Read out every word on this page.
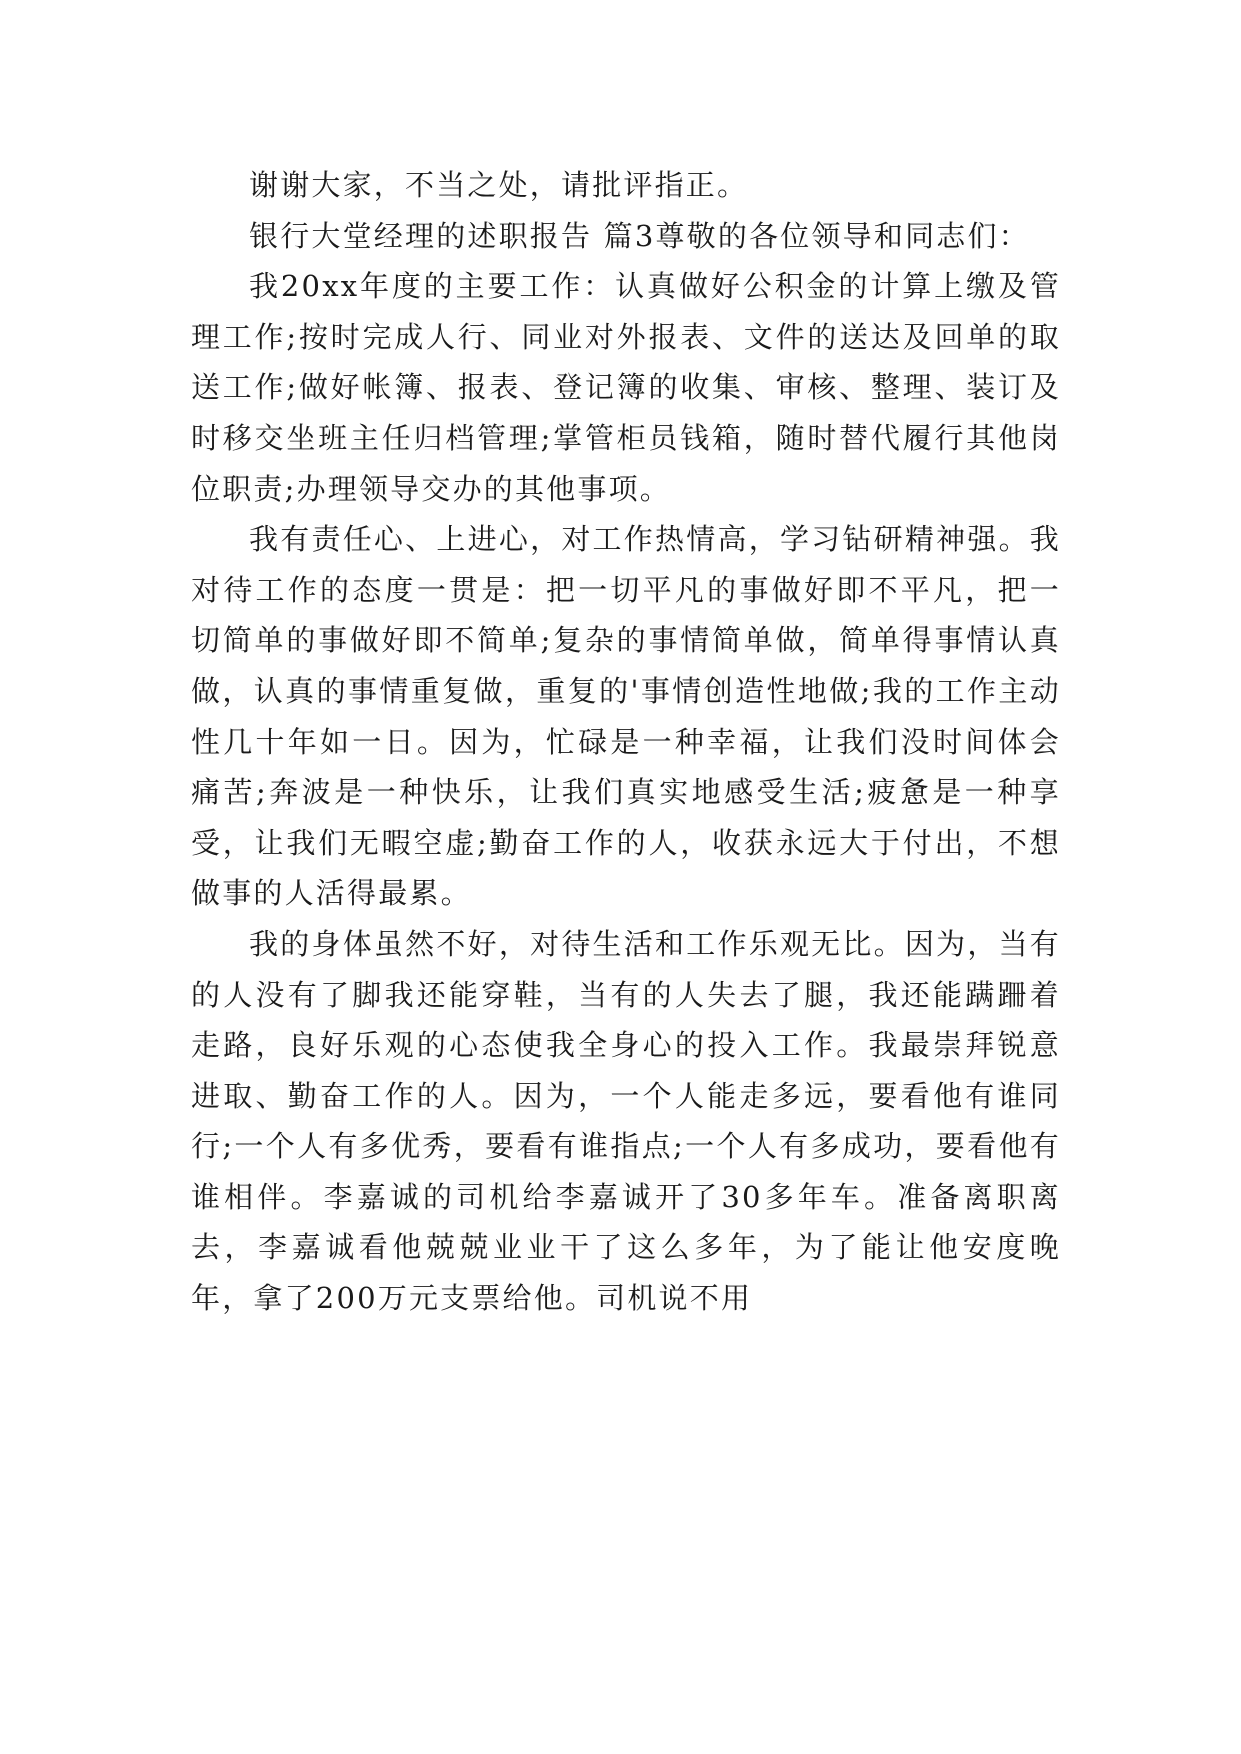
谢谢大家，不当之处，请批评指正。

银行大堂经理的述职报告 篇3尊敬的各位领导和同志们：

我20xx年度的主要工作：认真做好公积金的计算上缴及管理工作;按时完成人行、同业对外报表、文件的送达及回单的取送工作;做好帐簿、报表、登记簿的收集、审核、整理、装订及时移交坐班主任归档管理;掌管柜员钱箱，随时替代履行其他岗位职责;办理领导交办的其他事项。

我有责任心、上进心，对工作热情高，学习钻研精神强。我对待工作的态度一贯是：把一切平凡的事做好即不平凡，把一切简单的事做好即不简单;复杂的事情简单做，简单得事情认真做，认真的事情重复做，重复的'事情创造性地做;我的工作主动性几十年如一日。因为，忙碌是一种幸福，让我们没时间体会痛苦;奔波是一种快乐，让我们真实地感受生活;疲惫是一种享受，让我们无暇空虚;勤奋工作的人，收获永远大于付出，不想做事的人活得最累。

我的身体虽然不好，对待生活和工作乐观无比。因为，当有的人没有了脚我还能穿鞋，当有的人失去了腿，我还能蹒跚着走路，良好乐观的心态使我全身心的投入工作。我最崇拜锐意进取、勤奋工作的人。因为，一个人能走多远，要看他有谁同行;一个人有多优秀，要看有谁指点;一个人有多成功，要看他有谁相伴。李嘉诚的司机给李嘉诚开了30多年车。准备离职离去，李嘉诚看他兢兢业业干了这么多年，为了能让他安度晚年，拿了200万元支票给他。司机说不用
